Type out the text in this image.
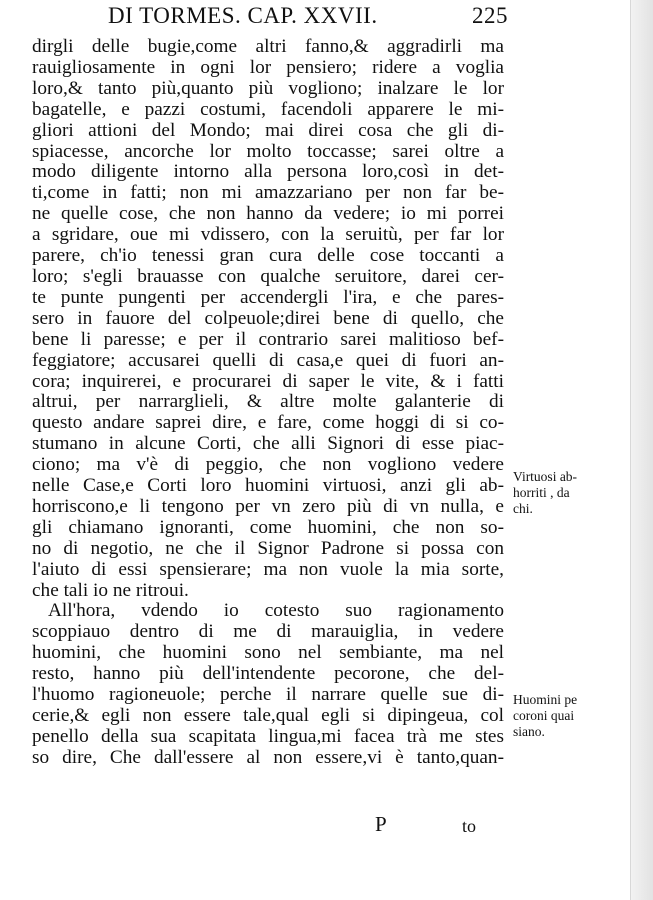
DI TORMES. CAP. XXVII.	225
dirgli delle bugie,come altri fanno,& aggradirli ma
rauigliosamente in ogni lor pensiero; ridere a voglia
loro,& tanto più,quanto più vogliono; inalzare le lor
bagatelle, e pazzi costumi, facendoli apparere le mi-
gliori attioni del Mondo; mai direi cosa che gli di-
spiacesse, ancorche lor molto toccasse; sarei oltre a
modo diligente intorno alla persona loro,così in det-
ti,come in fatti; non mi amazzariano per non far be-
ne quelle cose, che non hanno da vedere; io mi porrei
a sgridare, oue mi vdissero, con la seruitù, per far lor
parere, ch'io tenessi gran cura delle cose toccanti a
loro; s'egli brauasse con qualche seruitore, darei cer-
te punte pungenti per accendergli l'ira, e che pares-
sero in fauore del colpeuole;direi bene di quello, che
bene li paresse; e per il contrario sarei malitioso bef-
feggiatore; accusarei quelli di casa,e quei di fuori an-
cora; inquirerei, e procurarei di saper le vite, & i fatti
altrui, per narrarglieli, & altre molte galanterie di
questo andare saprei dire, e fare, come hoggi di si co-
stumano in alcune Corti, che alli Signori di esse piac-
ciono; ma v'è di peggio, che non vogliono vedere
nelle Case,e Corti loro huomini virtuosi, anzi gli ab-
horriscono,e li tengono per vn zero più di vn nulla, e
gli chiamano ignoranti, come huomini, che non so-
no di negotio, ne che il Signor Padrone si possa con
l'aiuto di essi spensierare; ma non vuole la mia sorte,
che tali io ne ritroui.
All'hora, vdendo io cotesto suo ragionamento
scoppiauo dentro di me di marauiglia, in vedere
huomini, che huomini sono nel sembiante, ma nel
resto, hanno più dell'intendente pecorone, che del-
l'huomo ragioneuole; perche il narrare quelle sue di-
cerie,& egli non essere tale,qual egli si dipingeua, col
penello della sua scapitata lingua,mi facea trà me stes
so dire, Che dall'essere al non essere,vi è tanto,quan-
Virtuosi ab-
horriti , da
chi.
Huomini pe
coroni quai
siano.
P	to
